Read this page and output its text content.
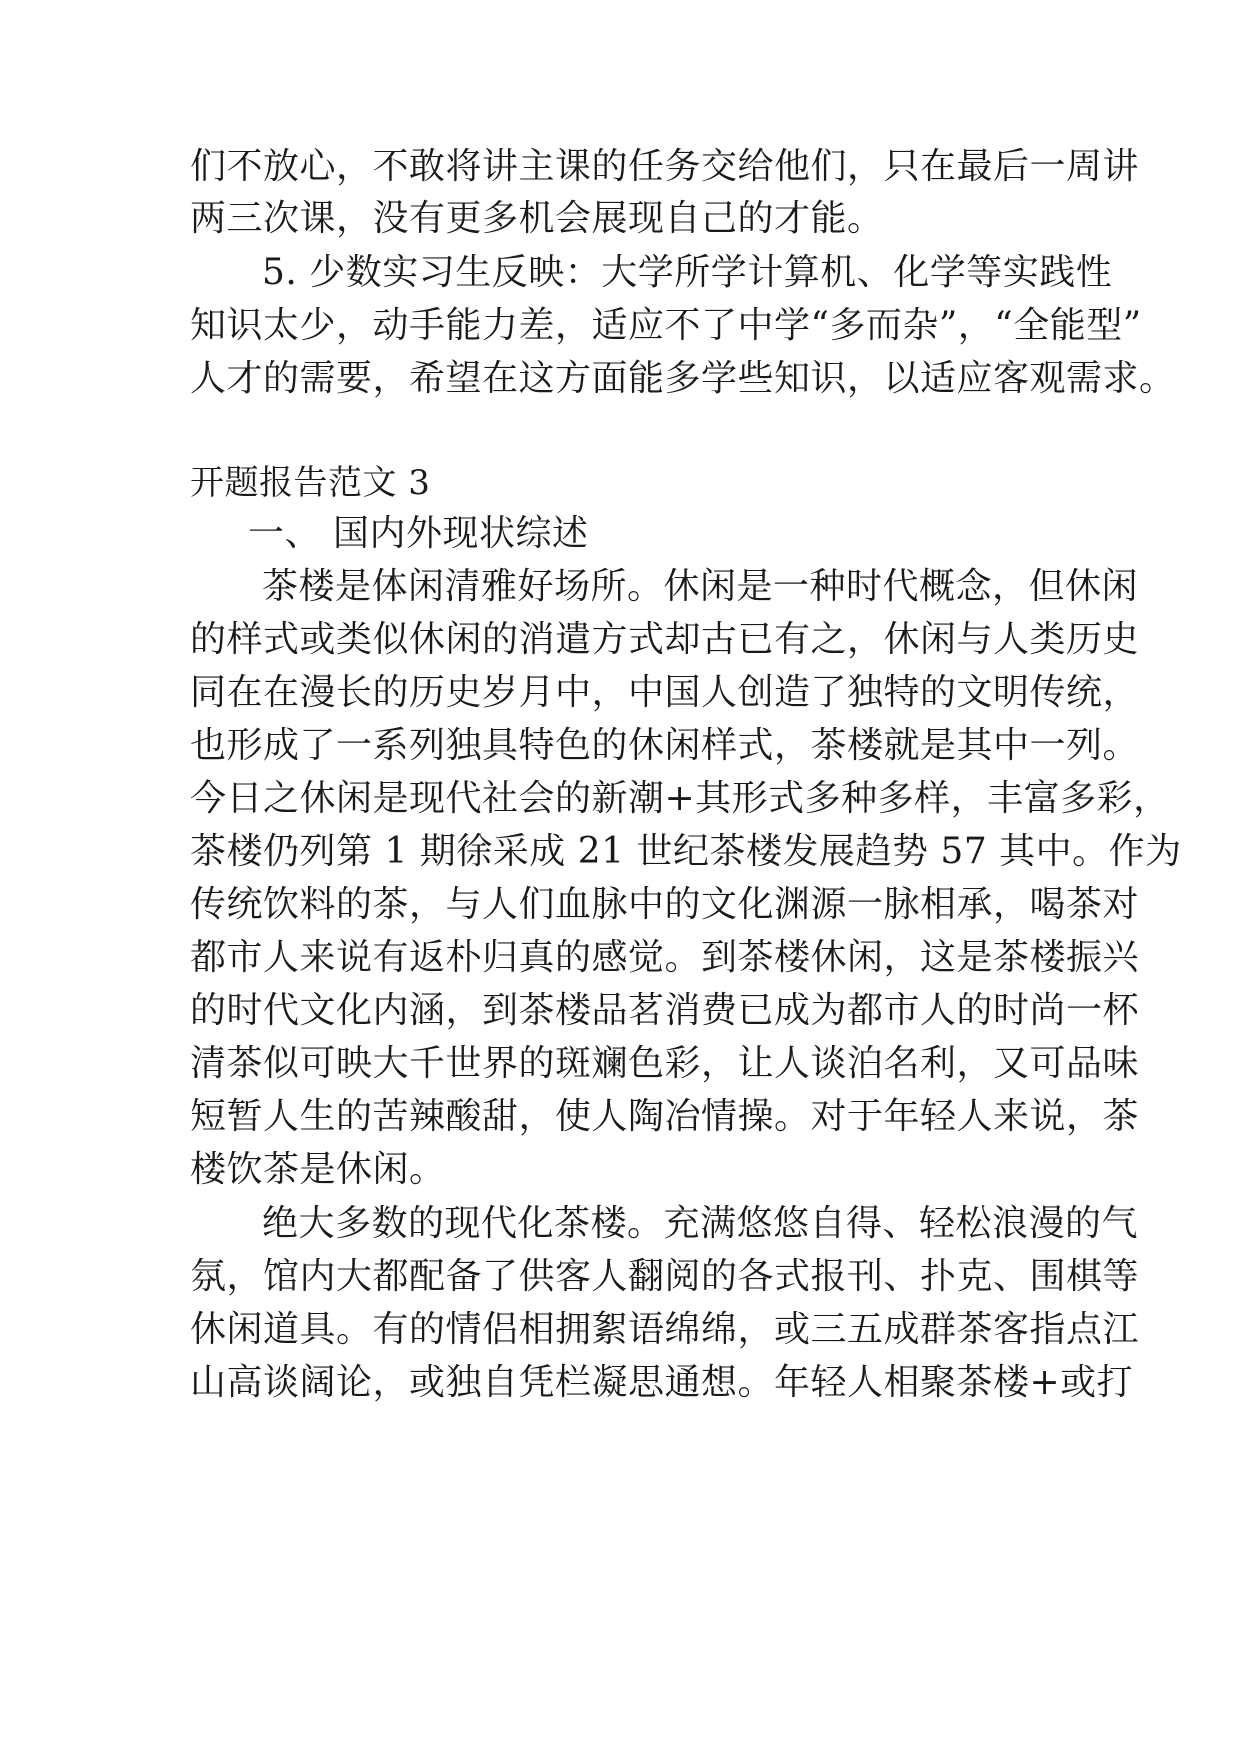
们不放心，不敢将讲主课的任务交给他们，只在最后一周讲
两三次课，没有更多机会展现自己的才能。
5. 少数实习生反映：大学所学计算机、化学等实践性
知识太少，动手能力差，适应不了中学“多而杂”，“全能型”
人才的需要，希望在这方面能多学些知识，以适应客观需求。
开题报告范文 3
一、 国内外现状综述
茶楼是体闲清雅好场所。休闲是一种时代概念，但休闲
的样式或类似休闲的消遣方式却古已有之，休闲与人类历史
同在在漫长的历史岁月中，中国人创造了独特的文明传统，
也形成了一系列独具特色的休闲样式，茶楼就是其中一列。
今日之休闲是现代社会的新潮+其形式多种多样，丰富多彩，
茶楼仍列第 1 期徐采成 21 世纪茶楼发展趋势 57 其中。作为
传统饮料的茶，与人们血脉中的文化渊源一脉相承，喝茶对
都市人来说有返朴归真的感觉。到茶楼休闲，这是茶楼振兴
的时代文化内涵，到茶楼品茗消费已成为都市人的时尚一杯
清茶似可映大千世界的斑斓色彩，让人谈泊名利，又可品味
短暂人生的苦辣酸甜，使人陶冶情操。对于年轻人来说，茶
楼饮茶是休闲。
绝大多数的现代化茶楼。充满悠悠自得、轻松浪漫的气
氛，馆内大都配备了供客人翻阅的各式报刊、扑克、围棋等
休闲道具。有的情侣相拥絮语绵绵，或三五成群茶客指点江
山高谈阔论，或独自凭栏凝思通想。年轻人相聚茶楼+或打
